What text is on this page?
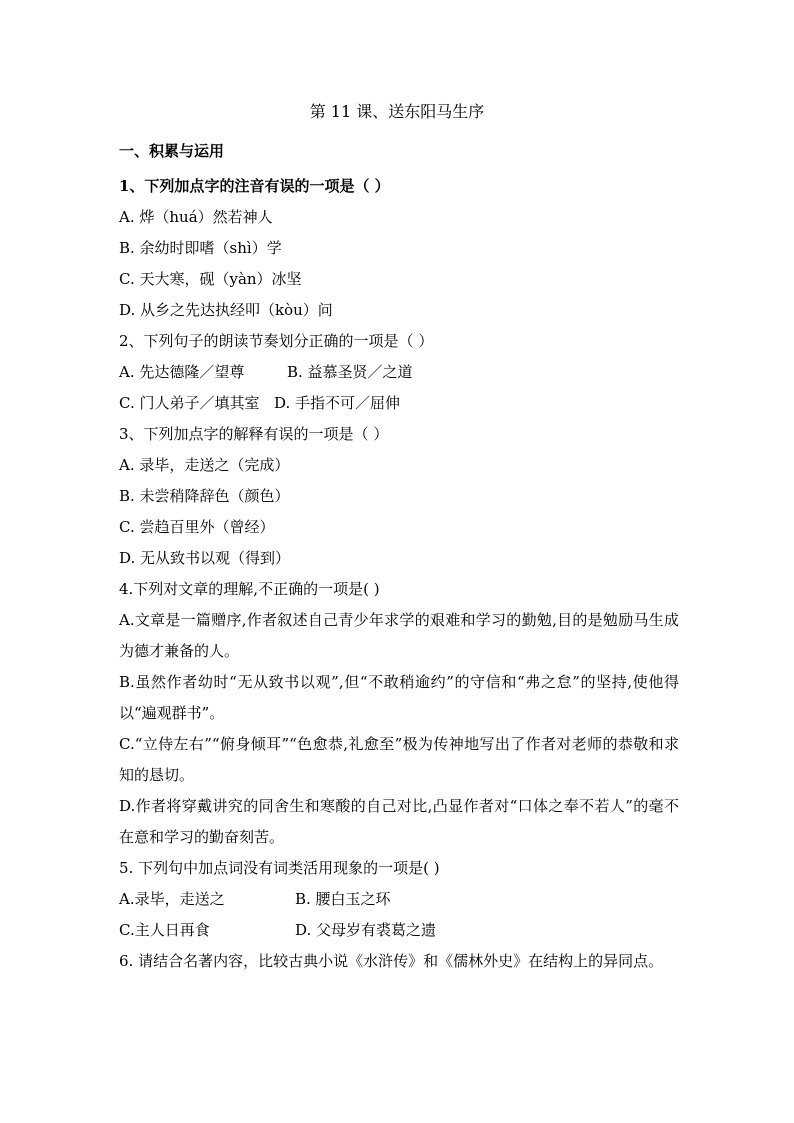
第 11 课、送东阳马生序
一、积累与运用

1、下列加点字的注音有误的一项是（ ）

A. 烨（huá）然若神人

B. 余幼时即嗜（shì）学

C. 天大寒，砚（yàn）冰坚

D. 从乡之先达执经叩（kòu）问

2、下列句子的朗读节奏划分正确的一项是（ ）

A. 先达德隆／望尊	B. 益慕圣贤／之道

C. 门人弟子／填其室 D. 手指不可／屈伸

3、下列加点字的解释有误的一项是（ ）

A. 录毕，走送之（完成）

B. 未尝稍降辞色（颜色）

C. 尝趋百里外（曾经）

D. 无从致书以观（得到）

4.下列对文章的理解,不正确的一项是( )

A.文章是一篇赠序,作者叙述自己青少年求学的艰难和学习的勤勉,目的是勉励马生成为德才兼备的人。

B.虽然作者幼时“无从致书以观”,但“不敢稍逾约”的守信和“弗之怠”的坚持,使他得以“遍观群书”。

C.“立侍左右”“俯身倾耳”“色愈恭,礼愈至”极为传神地写出了作者对老师的恭敬和求知的恳切。

D.作者将穿戴讲究的同舍生和寒酸的自己对比,凸显作者对“口体之奉不若人”的毫不在意和学习的勤奋刻苦。

5. 下列句中加点词没有词类活用现象的一项是( )

A.录毕，走送之	B. 腰白玉之环

C.主人日再食	D. 父母岁有裘葛之遗

6. 请结合名著内容，比较古典小说《水浒传》和《儒林外史》在结构上的异同点。
